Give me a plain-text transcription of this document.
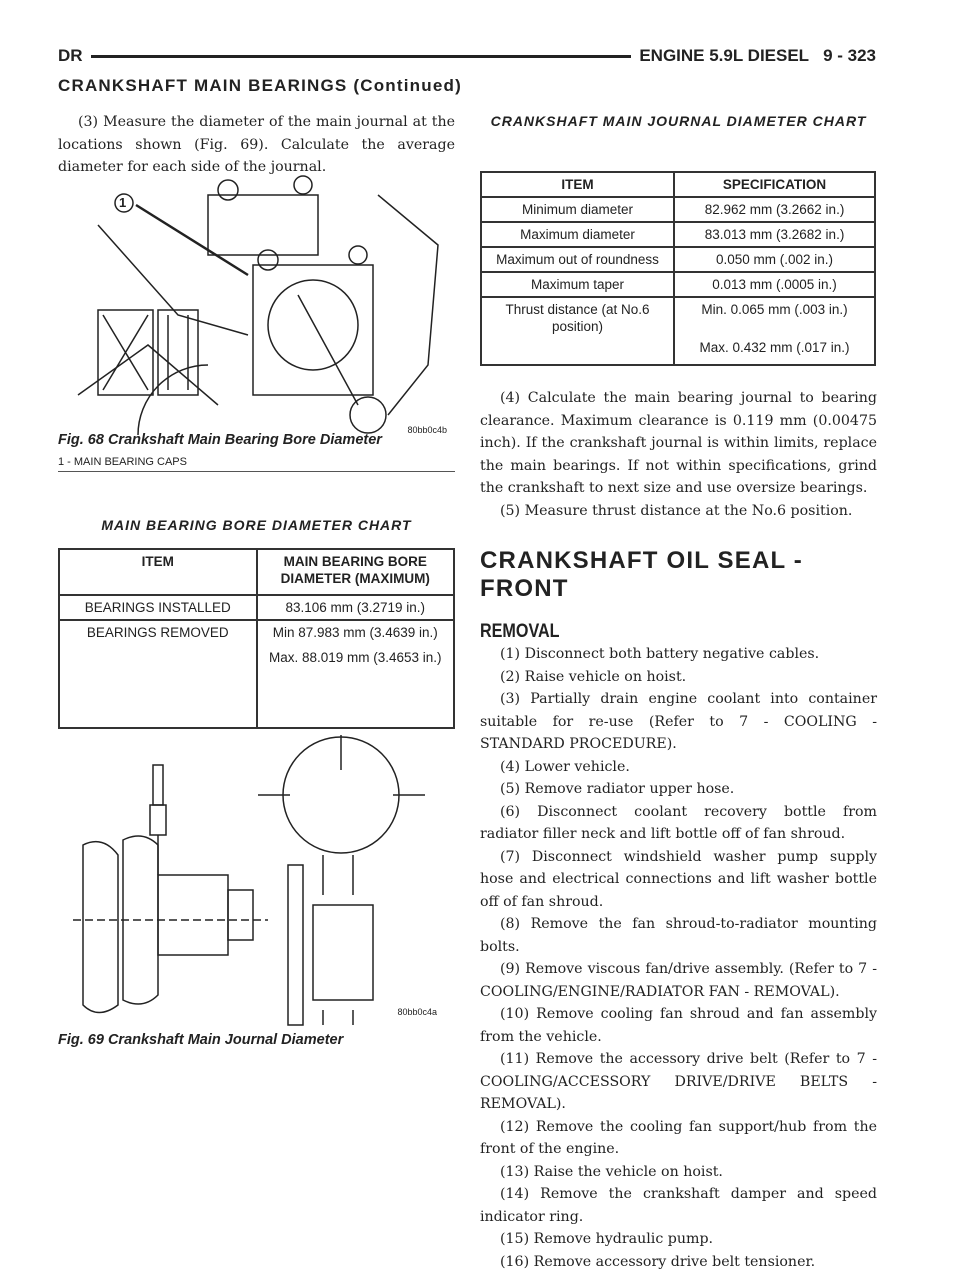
DR	ENGINE 5.9L DIESEL 9 - 323
CRANKSHAFT MAIN BEARINGS (Continued)

(3) Measure the diameter of the main journal at the locations shown (Fig. 69). Calculate the average diameter for each side of the journal.

1
80bb0c4b
Fig. 68 Crankshaft Main Bearing Bore Diameter
1 - MAIN BEARING CAPS
MAIN BEARING BORE DIAMETER CHART
ITEM	MAIN BEARING BORE DIAMETER (MAXIMUM)
BEARINGS INSTALLED	83.106 mm (3.2719 in.)
BEARINGS REMOVED	Min 87.983 mm (3.4639 in.)
Max. 88.019 mm (3.4653 in.)
80bb0c4a
Fig. 69 Crankshaft Main Journal Diameter
CRANKSHAFT MAIN JOURNAL DIAMETER CHART
ITEM	SPECIFICATION
Minimum diameter	82.962 mm (3.2662 in.)
Maximum diameter	83.013 mm (3.2682 in.)
Maximum out of roundness	0.050 mm (.002 in.)
Maximum taper	0.013 mm (.0005 in.)
Thrust distance (at No.6 position)	Min. 0.065 mm (.003 in.)
Max. 0.432 mm (.017 in.)

(4) Calculate the main bearing journal to bearing clearance. Maximum clearance is 0.119 mm (0.00475 inch). If the crankshaft journal is within limits, replace the main bearings. If not within specifications, grind the crankshaft to next size and use oversize bearings.

(5) Measure thrust distance at the No.6 position.

CRANKSHAFT OIL SEAL - FRONT
REMOVAL

(1) Disconnect both battery negative cables.

(2) Raise vehicle on hoist.

(3) Partially drain engine coolant into container suitable for re-use (Refer to 7 - COOLING - STANDARD PROCEDURE).

(4) Lower vehicle.

(5) Remove radiator upper hose.

(6) Disconnect coolant recovery bottle from radiator filler neck and lift bottle off of fan shroud.

(7) Disconnect windshield washer pump supply hose and electrical connections and lift washer bottle off of fan shroud.

(8) Remove the fan shroud-to-radiator mounting bolts.

(9) Remove viscous fan/drive assembly. (Refer to 7 - COOLING/ENGINE/RADIATOR FAN - REMOVAL).

(10) Remove cooling fan shroud and fan assembly from the vehicle.

(11) Remove the accessory drive belt (Refer to 7 - COOLING/ACCESSORY DRIVE/DRIVE BELTS - REMOVAL).

(12) Remove the cooling fan support/hub from the front of the engine.

(13) Raise the vehicle on hoist.

(14) Remove the crankshaft damper and speed indicator ring.

(15) Remove hydraulic pump.

(16) Remove accessory drive belt tensioner.
